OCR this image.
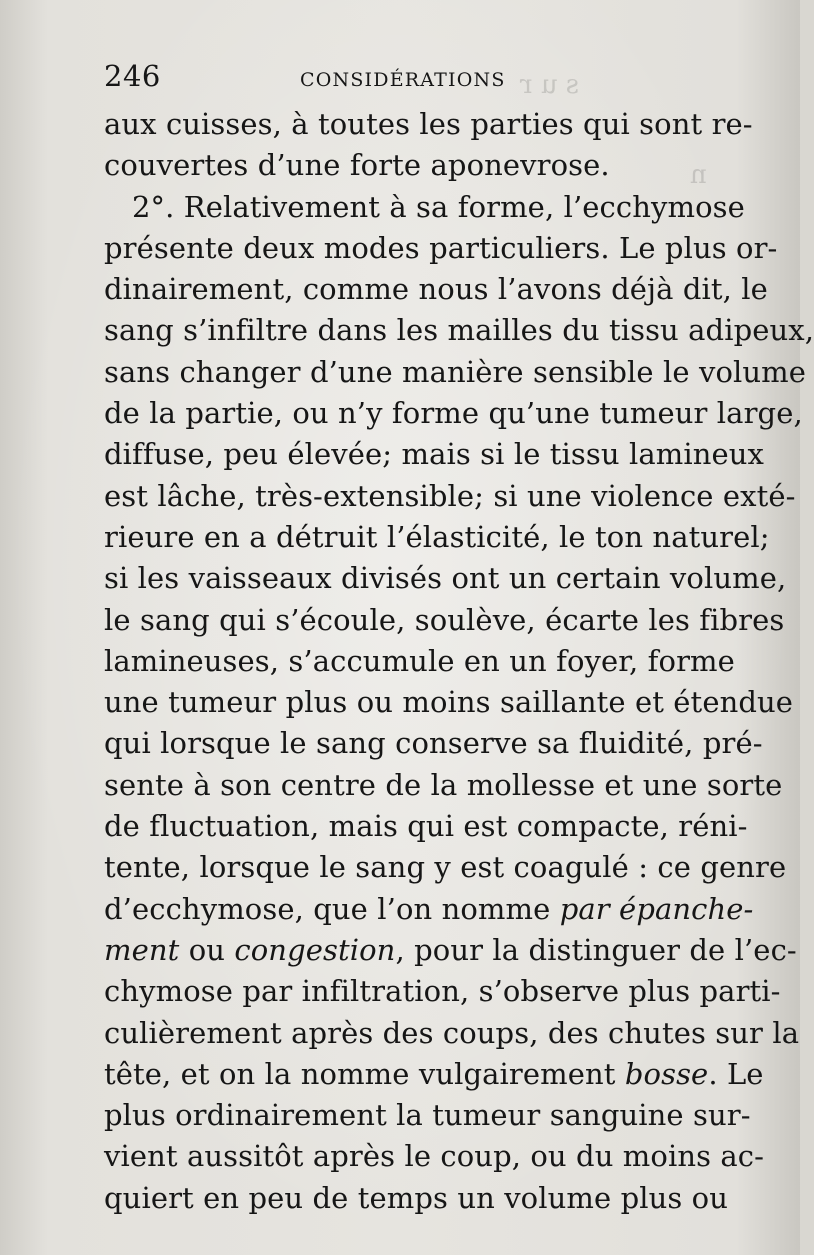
s u r
n
246	CONSIDÉRATIONS
aux cuisses, à toutes les parties qui sont re-
couvertes d’une forte aponevrose.
2°. Relativement à sa forme, l’ecchymose
présente deux modes particuliers. Le plus or-
dinairement, comme nous l’avons déjà dit, le
sang s’infiltre dans les mailles du tissu adipeux,
sans changer d’une manière sensible le volume
de la partie, ou n’y forme qu’une tumeur large,
diffuse, peu élevée; mais si le tissu lamineux
est lâche, très-extensible; si une violence exté-
rieure en a détruit l’élasticité, le ton naturel;
si les vaisseaux divisés ont un certain volume,
le sang qui s’écoule, soulève, écarte les fibres
lamineuses, s’accumule en un foyer, forme
une tumeur plus ou moins saillante et étendue
qui lorsque le sang conserve sa fluidité, pré-
sente à son centre de la mollesse et une sorte
de fluctuation, mais qui est compacte, réni-
tente, lorsque le sang y est coagulé : ce genre
d’ecchymose, que l’on nomme par épanche-
ment ou congestion, pour la distinguer de l’ec-
chymose par infiltration, s’observe plus parti-
culièrement après des coups, des chutes sur la
tête, et on la nomme vulgairement bosse. Le
plus ordinairement la tumeur sanguine sur-
vient aussitôt après le coup, ou du moins ac-
quiert en peu de temps un volume plus ou
